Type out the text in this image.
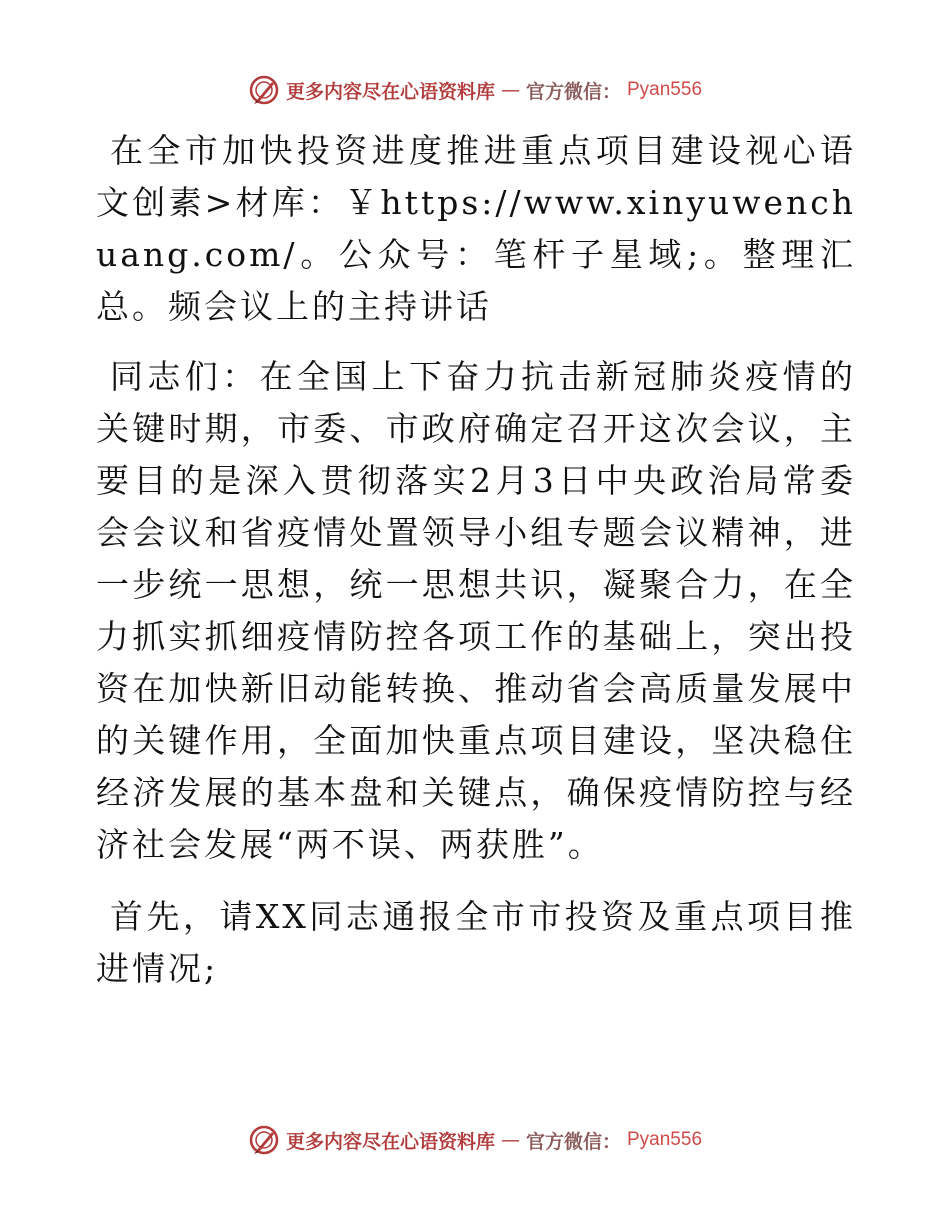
更多内容尽在心语资料库 — 官方微信： Pyan556

在全市加快投资进度推进重点项目建设视心语文创素>材库：￥https://www.xinyuwenchuang.com/。公众号：笔杆子星域;。整理汇总。频会议上的主持讲话

同志们：在全国上下奋力抗击新冠肺炎疫情的关键时期，市委、市政府确定召开这次会议，主要目的是深入贯彻落实2月3日中央政治局常委会会议和省疫情处置领导小组专题会议精神，进一步统一思想，统一思想共识，凝聚合力，在全力抓实抓细疫情防控各项工作的基础上，突出投资在加快新旧动能转换、推动省会高质量发展中的关键作用，全面加快重点项目建设，坚决稳住经济发展的基本盘和关键点，确保疫情防控与经济社会发展“两不误、两获胜”。

首先，请XX同志通报全市市投资及重点项目推进情况;

更多内容尽在心语资料库 — 官方微信： Pyan556
